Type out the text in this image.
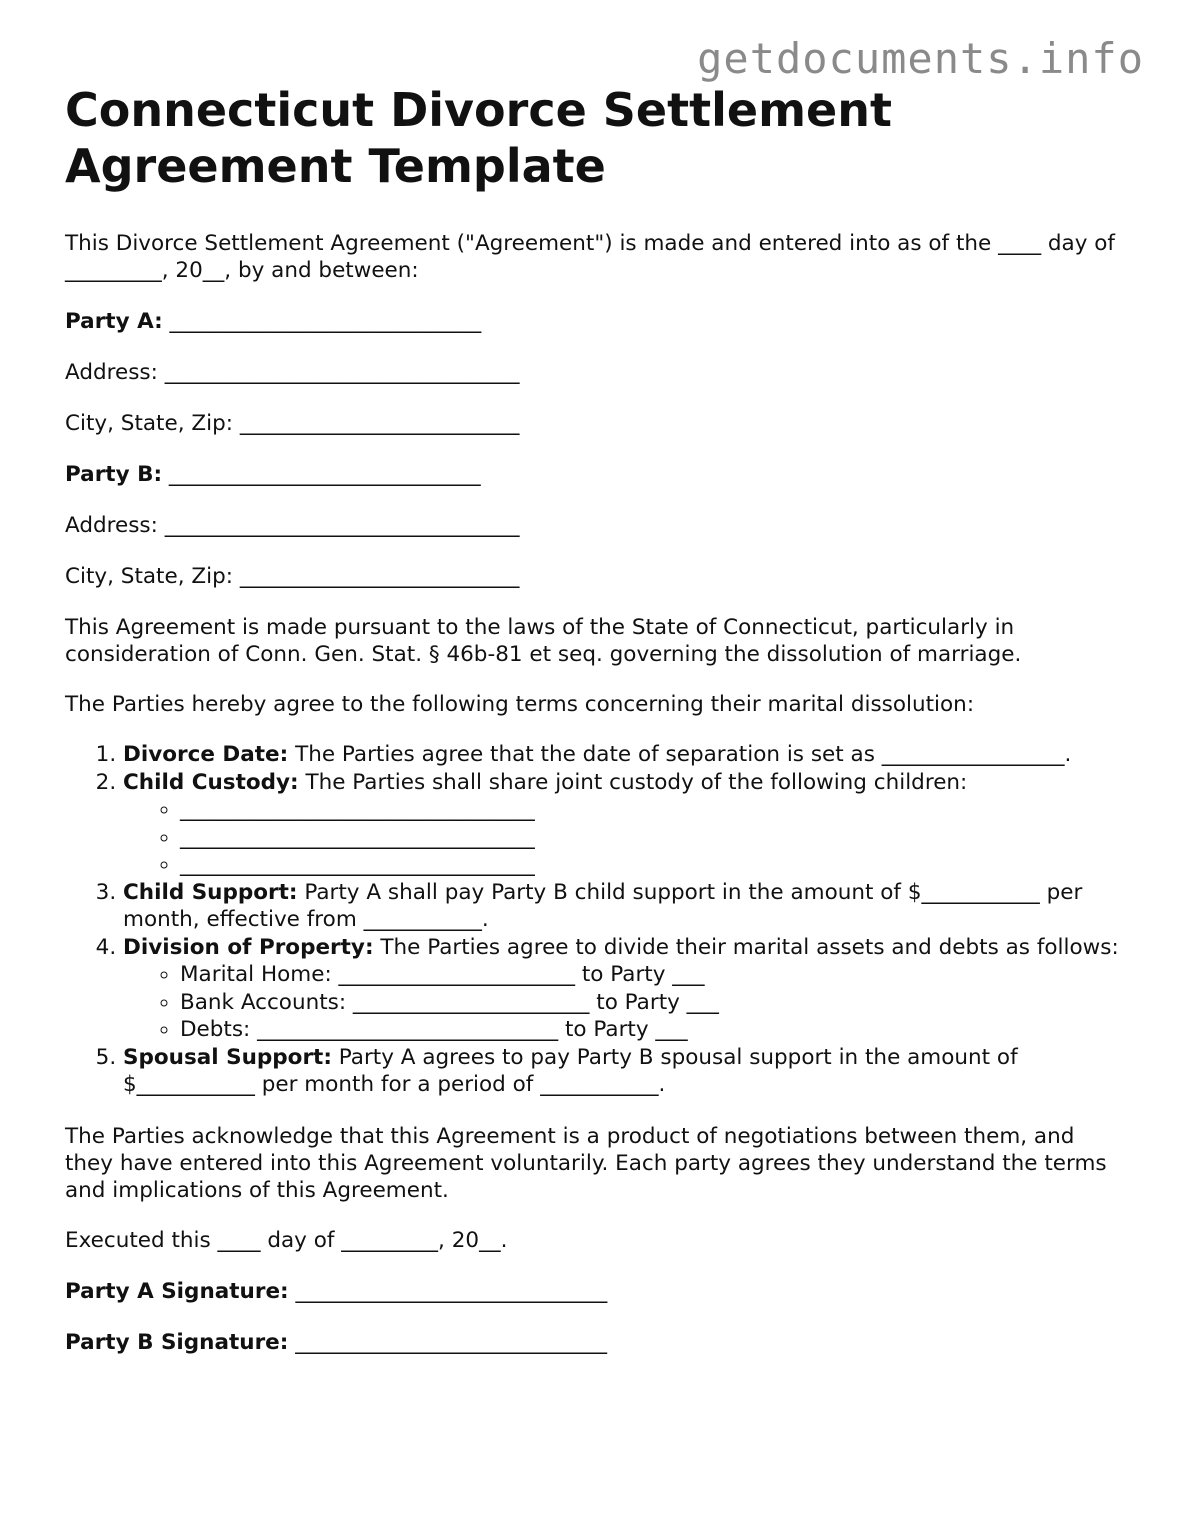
getdocuments.info
Connecticut Divorce Settlement Agreement Template

This Divorce Settlement Agreement ("Agreement") is made and entered into as of the ____ day of _________, 20__, by and between:

Party A: _____________________________

Address: _________________________________

City, State, Zip: __________________________

Party B: _____________________________

Address: _________________________________

City, State, Zip: __________________________

This Agreement is made pursuant to the laws of the State of Connecticut, particularly in consideration of Conn. Gen. Stat. § 46b-81 et seq. governing the dissolution of marriage.

The Parties hereby agree to the following terms concerning their marital dissolution:

1. Divorce Date: The Parties agree that the date of separation is set as _________________.
2. Child Custody: The Parties shall share joint custody of the following children:
◦ _________________________________
◦ _________________________________
◦ _________________________________
3. Child Support: Party A shall pay Party B child support in the amount of $___________ per month, effective from ___________.
4. Division of Property: The Parties agree to divide their marital assets and debts as follows:
◦ Marital Home: ______________________ to Party ___
◦ Bank Accounts: ______________________ to Party ___
◦ Debts: ____________________________ to Party ___
5. Spousal Support: Party A agrees to pay Party B spousal support in the amount of $___________ per month for a period of ___________.

The Parties acknowledge that this Agreement is a product of negotiations between them, and they have entered into this Agreement voluntarily. Each party agrees they understand the terms and implications of this Agreement.

Executed this ____ day of _________, 20__.

Party A Signature: _____________________________

Party B Signature: _____________________________
